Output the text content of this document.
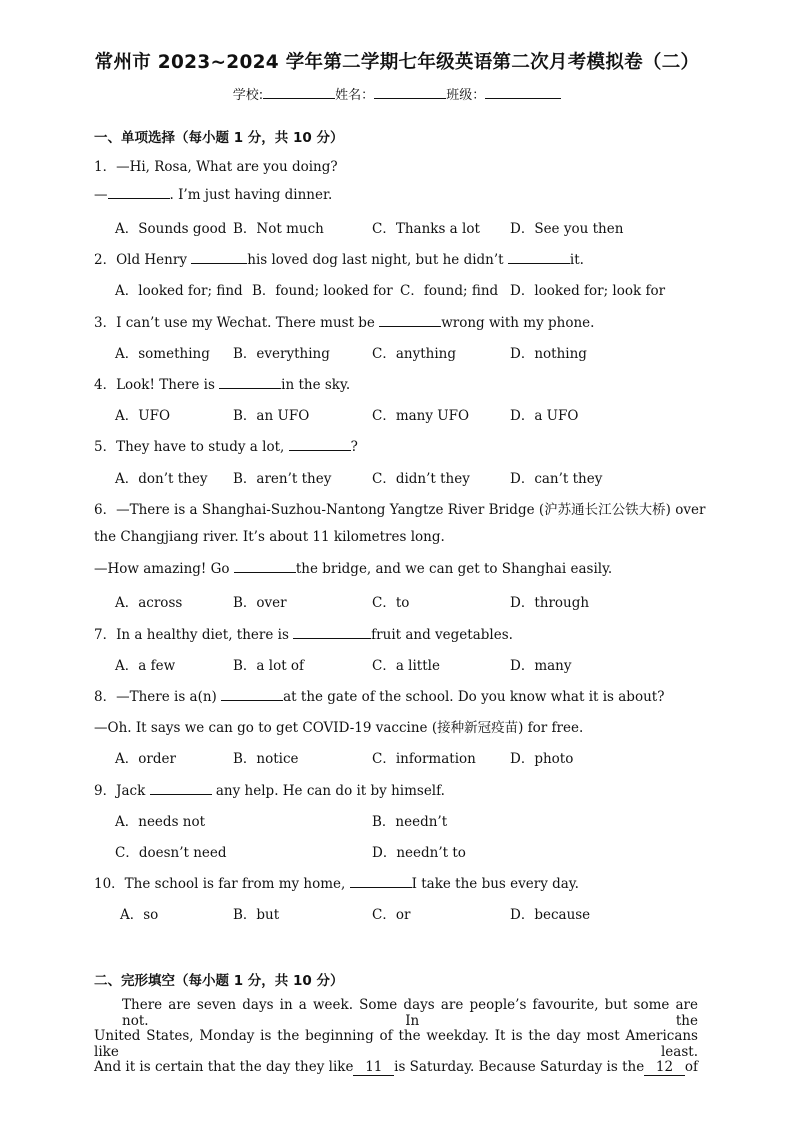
常州市 2023~2024 学年第二学期七年级英语第二次月考模拟卷（二）
学校:	姓名：	班级：
一、单项选择（每小题 1 分，共 10 分）
1．—Hi, Rosa, What are you doing?
—	. I’m just having dinner.
A．Sounds good B．Not much	C．Thanks a lot D．See you then
2．Old Henry	his loved dog last night, but he didn’t	it.
A．looked for; find B．found; looked for C．found; find D．looked for; look for
3．I can’t use my Wechat. There must be	wrong with my phone.
A．something B．everything	C．anything	D．nothing
4．Look! There is	in the sky.
A．UFO	B．an UFO	C．many UFO	D．a UFO
5．They have to study a lot,	?
A．don’t they B．aren’t they	C．didn’t they	D．can’t they
6．—There is a Shanghai-Suzhou-Nantong Yangtze River Bridge (沪苏通长江公铁大桥) over
the Changjiang river. It’s about 11 kilometres long.
—How amazing! Go	the bridge, and we can get to Shanghai easily.
A．across	B．over	C．to	D．through
7．In a healthy diet, there is	fruit and vegetables.
A．a few	B．a lot of	C．a little	D．many
8．—There is a(n)	at the gate of the school. Do you know what it is about?
—Oh. It says we can go to get COVID-19 vaccine (接种新冠疫苗) for free.
A．order	B．notice	C．information	D．photo
9．Jack	any help. He can do it by himself.
A．needs not	B．needn’t
C．doesn’t need	D．needn’t to
10．The school is far from my home,	I take the bus every day.
A．so	B．but	C．or	D．because
二、完形填空（每小题 1 分，共 10 分）
There are seven days in a week. Some days are people’s favourite, but some are not. In the
United States, Monday is the beginning of the weekday. It is the day most Americans like least.
And it is certain that the day they like 11 is Saturday. Because Saturday is the 12 of
